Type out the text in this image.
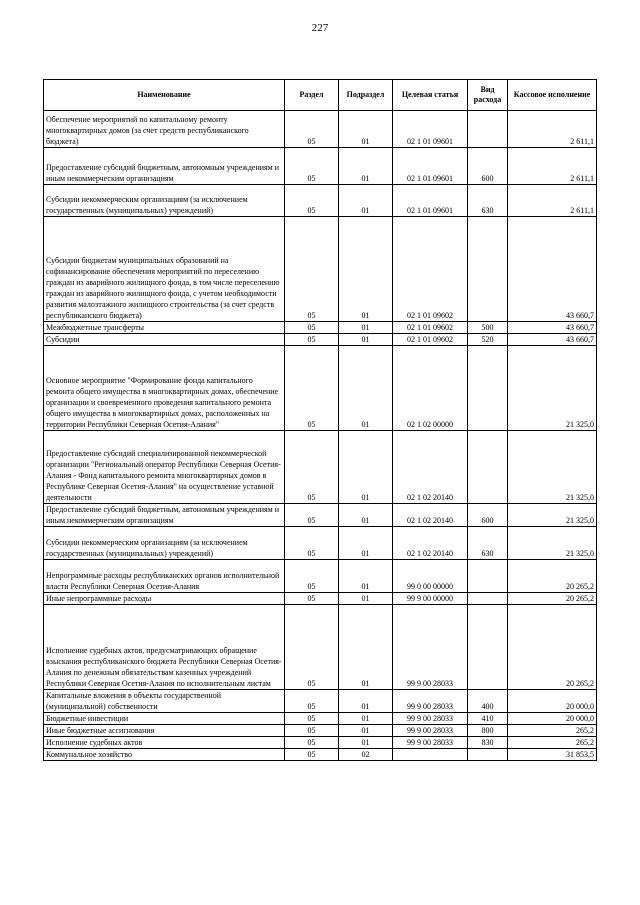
227
Наименование	Раздел	Подраздел	Целевая статья	Вид расхода	Кассовое исполнение
Обеспечение мероприятий по капитальному ремонту многоквартирных домов (за счет средств республиканского бюджета)	05	01	02 1 01 09601		2 611,1
Предоставление субсидий бюджетным, автономным учреждениям и иным некоммерческим организациям	05	01	02 1 01 09601	600	2 611,1
Субсидии некоммерческим организациям (за исключением государственных (муниципальных) учреждений)	05	01	02 1 01 09601	630	2 611,1
Субсидии бюджетам муниципальных образований на софинансирование обеспечения мероприятий по переселению граждан из аварийного жилищного фонда, в том числе переселению граждан из аварийного жилищного фонда, с учетом необходимости развития малоэтажного жилищного строительства (за счет средств республиканского бюджета)	05	01	02 1 01 09602		43 660,7
Межбюджетные трансферты	05	01	02 1 01 09602	500	43 660,7
Субсидии	05	01	02 1 01 09602	520	43 660,7
Основное мероприятие "Формирование фонда капитального ремонта общего имущества в многоквартирных домах, обеспечение организации и своевременного проведения капитального ремонта общего имущества в многоквартирных домах, расположенных на территории Республики Северная Осетия-Алания"	05	01	02 1 02 00000		21 325,0
Предоставление субсидий специализированной некоммерческой организации "Региональный оператор Республики Северная Осетия-Алания - Фонд капитального ремонта многоквартирных домов в Республике Северная Осетия-Алания" на осуществление уставной деятельности	05	01	02 1 02 20140		21 325,0
Предоставление субсидий бюджетным, автономным учреждениям и иным некоммерческим организациям	05	01	02 1 02 20140	600	21 325,0
Субсидии некоммерческим организациям (за исключением государственных (муниципальных) учреждений)	05	01	02 1 02 20140	630	21 325,0
Непрограммные расходы республиканских органов исполнительной власти Республики Северная Осетия-Алания	05	01	99 0 00 00000		20 265,2
Иные непрограммные расходы	05	01	99 9 00 00000		20 265,2
Исполнение судебных актов, предусматривающих обращение взыскания республиканского бюджета Республики Северная Осетия-Алания по денежным обязательствам казенных учреждений Республики Северная Осетия-Алания по исполнительным листам	05	01	99 9 00 28033		20 265,2
Капитальные вложения в объекты государственной (муниципальной) собственности	05	01	99 9 00 28033	400	20 000,0
Бюджетные инвестиции	05	01	99 9 00 28033	410	20 000,0
Иные бюджетные ассигнования	05	01	99 9 00 28033	800	265,2
Исполнение судебных актов	05	01	99 9 00 28033	830	265,2
Коммунальное хозяйство	05	02			31 853,5
